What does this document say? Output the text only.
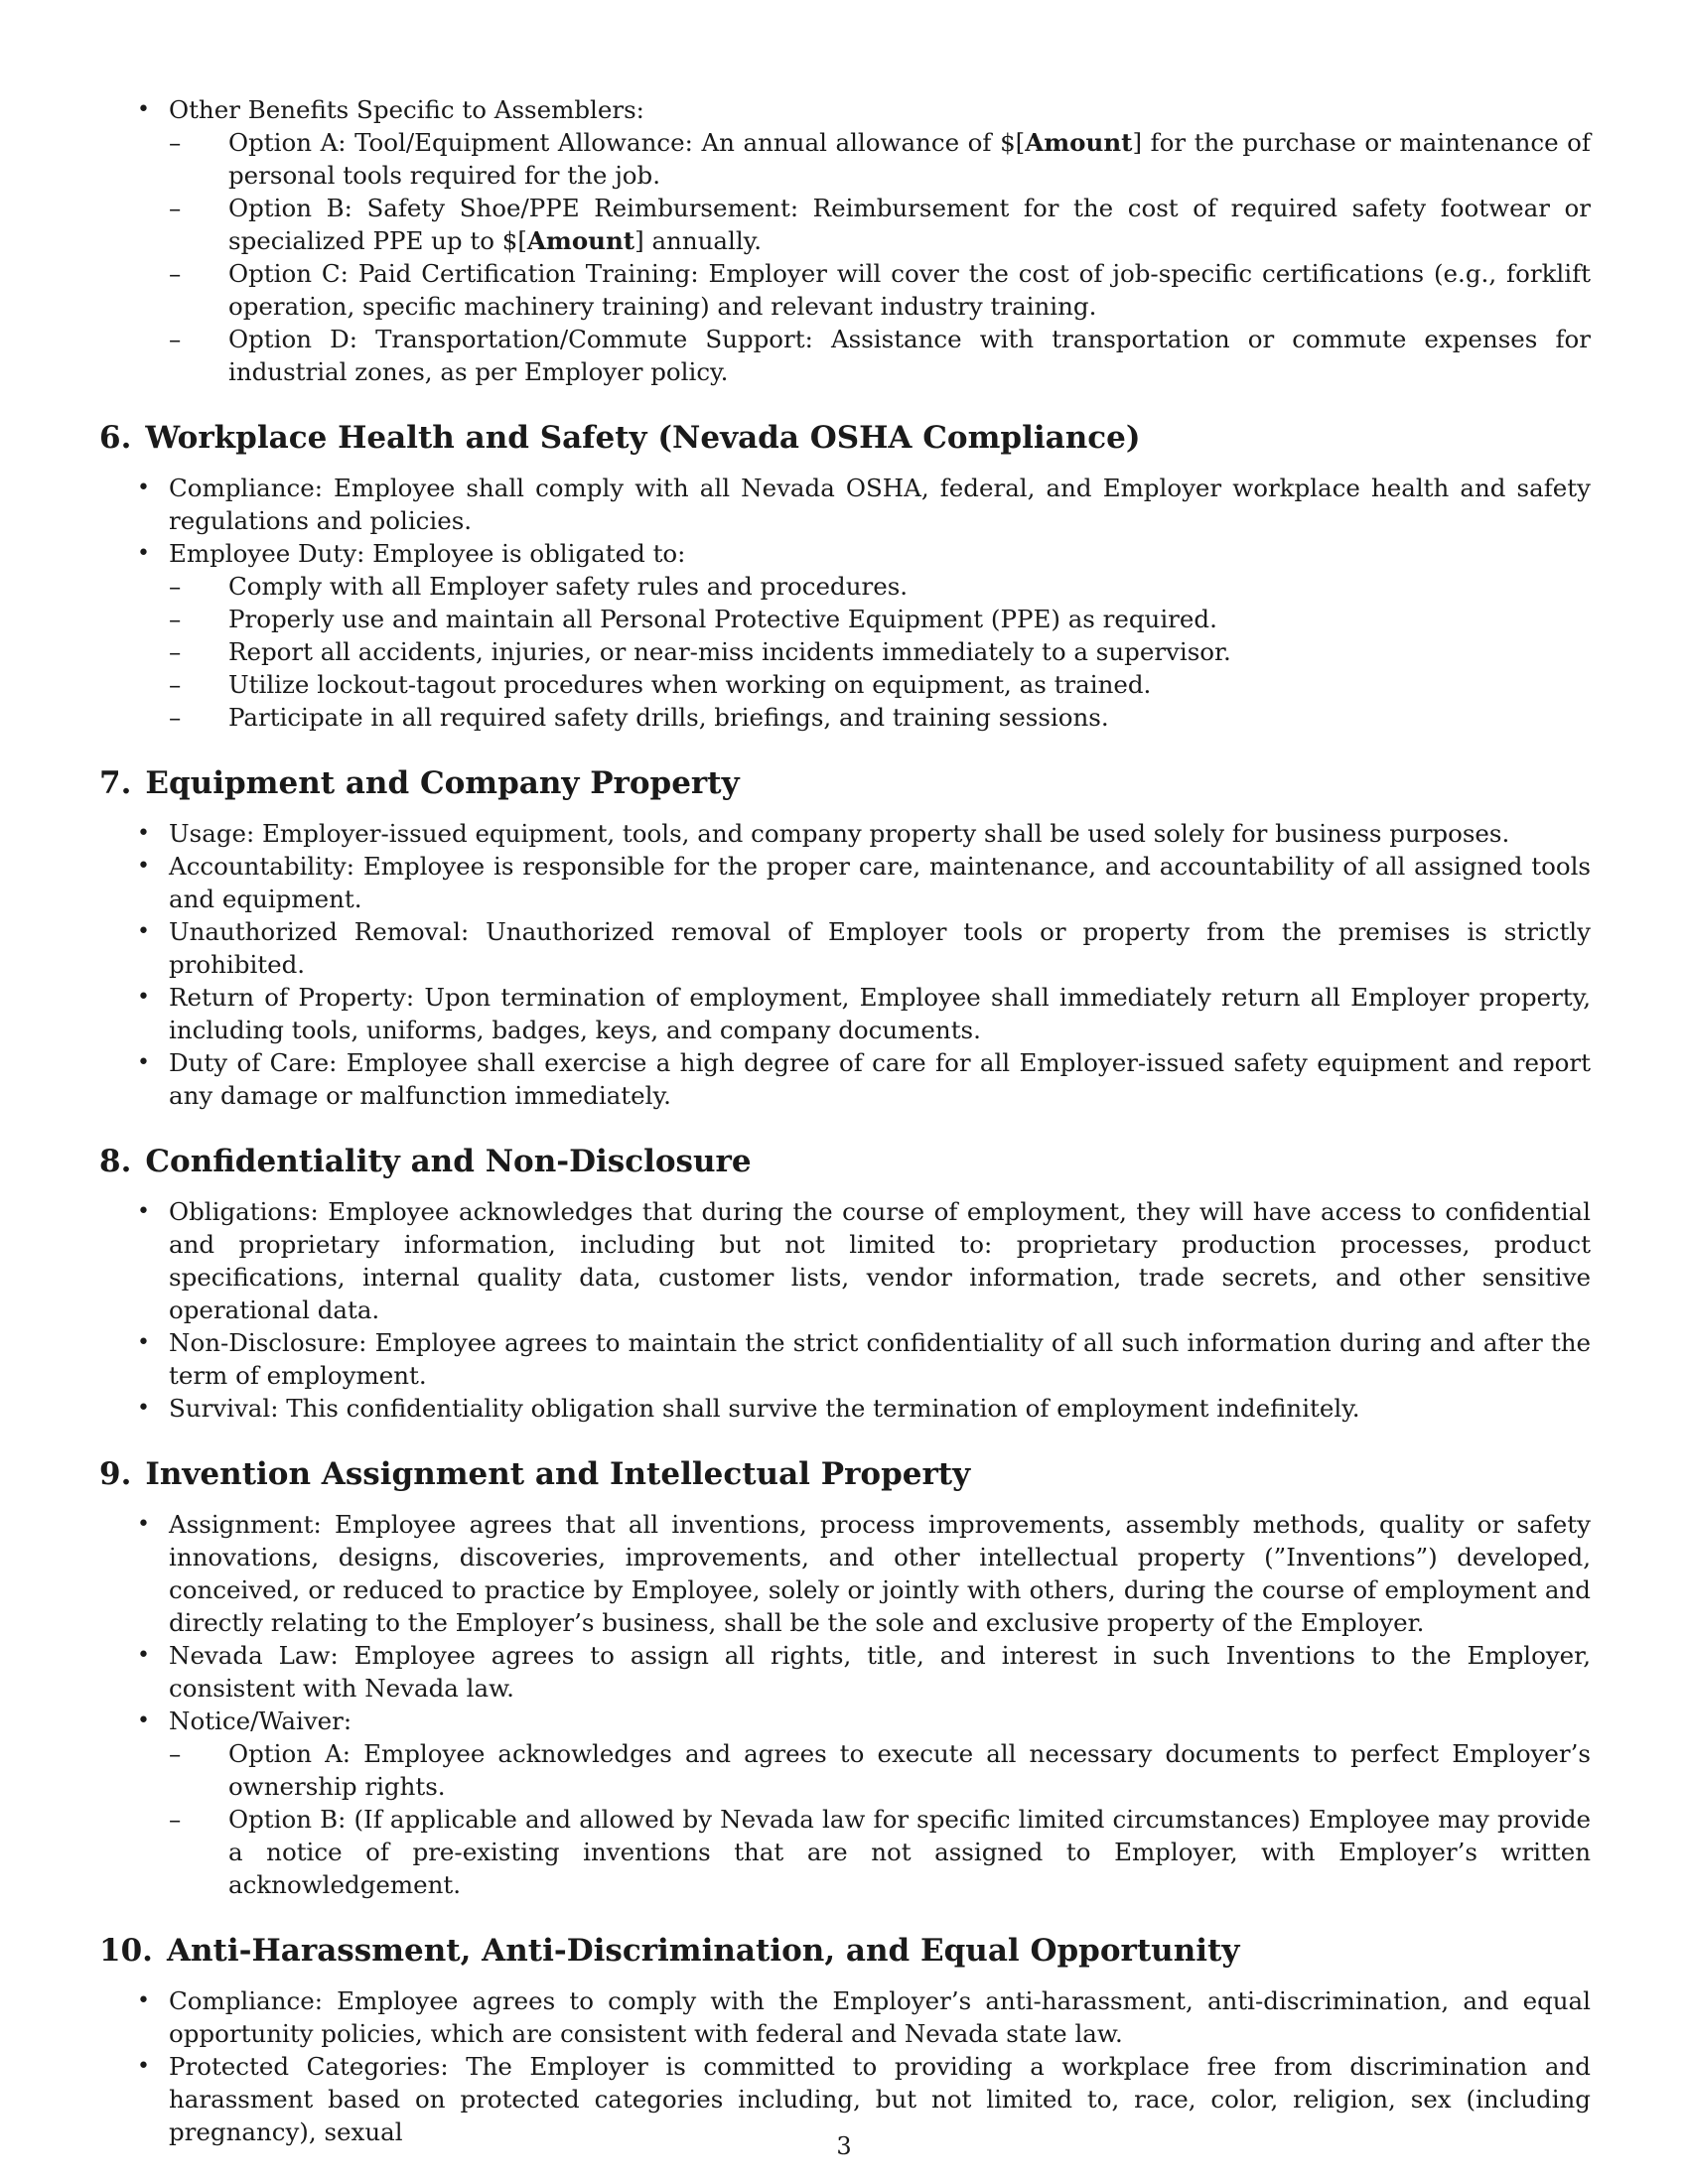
• Other Benefits Specific to Assemblers:
– Option A: Tool/Equipment Allowance: An annual allowance of $[Amount] for the purchase or maintenance of personal tools required for the job.
– Option B: Safety Shoe/PPE Reimbursement: Reimbursement for the cost of required safety footwear or specialized PPE up to $[Amount] annually.
– Option C: Paid Certification Training: Employer will cover the cost of job-specific certifications (e.g., forklift operation, specific machinery training) and relevant industry training.
– Option D: Transportation/Commute Support: Assistance with transportation or commute expenses for industrial zones, as per Employer policy.
6. Workplace Health and Safety (Nevada OSHA Compliance)
• Compliance: Employee shall comply with all Nevada OSHA, federal, and Employer workplace health and safety regulations and policies.
• Employee Duty: Employee is obligated to:
– Comply with all Employer safety rules and procedures.
– Properly use and maintain all Personal Protective Equipment (PPE) as required.
– Report all accidents, injuries, or near-miss incidents immediately to a supervisor.
– Utilize lockout-tagout procedures when working on equipment, as trained.
– Participate in all required safety drills, briefings, and training sessions.
7. Equipment and Company Property
• Usage: Employer-issued equipment, tools, and company property shall be used solely for business purposes.
• Accountability: Employee is responsible for the proper care, maintenance, and accountability of all assigned tools and equipment.
• Unauthorized Removal: Unauthorized removal of Employer tools or property from the premises is strictly prohibited.
• Return of Property: Upon termination of employment, Employee shall immediately return all Employer property, including tools, uniforms, badges, keys, and company documents.
• Duty of Care: Employee shall exercise a high degree of care for all Employer-issued safety equipment and report any damage or malfunction immediately.
8. Confidentiality and Non-Disclosure
• Obligations: Employee acknowledges that during the course of employment, they will have access to confidential and proprietary information, including but not limited to: proprietary production processes, product specifications, internal quality data, customer lists, vendor information, trade secrets, and other sensitive operational data.
• Non-Disclosure: Employee agrees to maintain the strict confidentiality of all such information during and after the term of employment.
• Survival: This confidentiality obligation shall survive the termination of employment indefinitely.
9. Invention Assignment and Intellectual Property
• Assignment: Employee agrees that all inventions, process improvements, assembly methods, quality or safety innovations, designs, discoveries, improvements, and other intellectual property (”Inventions”) developed, conceived, or reduced to practice by Employee, solely or jointly with others, during the course of employment and directly relating to the Employer’s business, shall be the sole and exclusive property of the Employer.
• Nevada Law: Employee agrees to assign all rights, title, and interest in such Inventions to the Employer, consistent with Nevada law.
• Notice/Waiver:
– Option A: Employee acknowledges and agrees to execute all necessary documents to perfect Employer’s ownership rights.
– Option B: (If applicable and allowed by Nevada law for specific limited circumstances) Employee may provide a notice of pre-existing inventions that are not assigned to Employer, with Employer’s written acknowledgement.
10. Anti-Harassment, Anti-Discrimination, and Equal Opportunity
• Compliance: Employee agrees to comply with the Employer’s anti-harassment, anti-discrimination, and equal opportunity policies, which are consistent with federal and Nevada state law.
• Protected Categories: The Employer is committed to providing a workplace free from discrimination and harassment based on protected categories including, but not limited to, race, color, religion, sex (including pregnancy), sexual	3
